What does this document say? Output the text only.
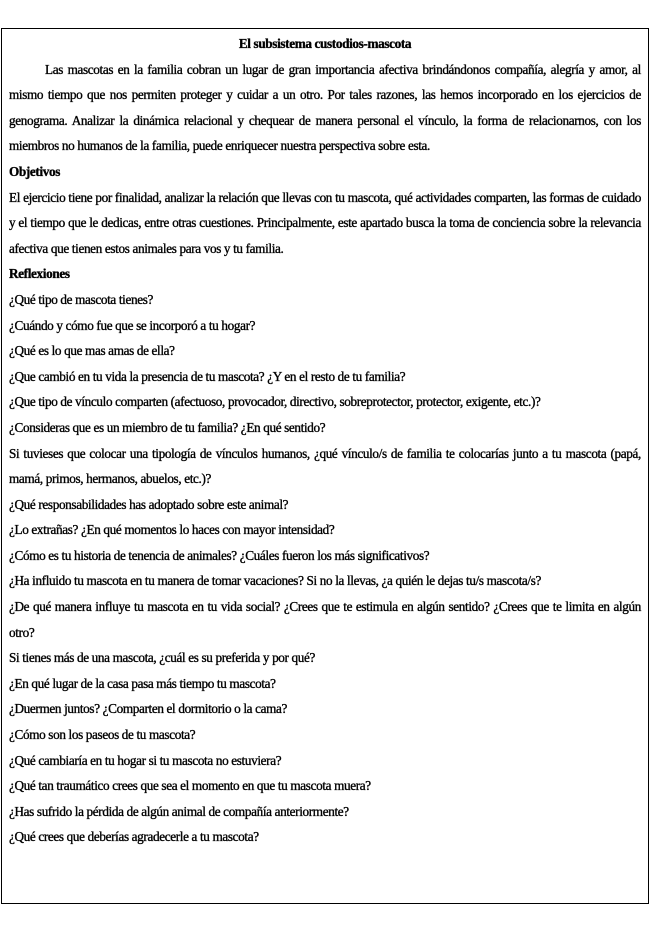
El subsistema custodios-mascota

Las mascotas en la familia cobran un lugar de gran importancia afectiva brindándonos compañía, alegría y amor, al mismo tiempo que nos permiten proteger y cuidar a un otro. Por tales razones, las hemos incorporado en los ejercicios de genograma. Analizar la dinámica relacional y chequear de manera personal el vínculo, la forma de relacionarnos, con los miembros no humanos de la familia, puede enriquecer nuestra perspectiva sobre esta.

Objetivos

El ejercicio tiene por finalidad, analizar la relación que llevas con tu mascota, qué actividades comparten, las formas de cuidado y el tiempo que le dedicas, entre otras cuestiones. Principalmente, este apartado busca la toma de conciencia sobre la relevancia afectiva que tienen estos animales para vos y tu familia.

Reflexiones

¿Qué tipo de mascota tienes?

¿Cuándo y cómo fue que se incorporó a tu hogar?

¿Qué es lo que mas amas de ella?

¿Que cambió en tu vida la presencia de tu mascota? ¿Y en el resto de tu familia?

¿Que tipo de vínculo comparten (afectuoso, provocador, directivo, sobreprotector, protector, exigente, etc.)?

¿Consideras que es un miembro de tu familia? ¿En qué sentido?

Si tuvieses que colocar una tipología de vínculos humanos, ¿qué vínculo/s de familia te colocarías junto a tu mascota (papá, mamá, primos, hermanos, abuelos, etc.)?

¿Qué responsabilidades has adoptado sobre este animal?

¿Lo extrañas? ¿En qué momentos lo haces con mayor intensidad?

¿Cómo es tu historia de tenencia de animales? ¿Cuáles fueron los más significativos?

¿Ha influido tu mascota en tu manera de tomar vacaciones? Si no la llevas, ¿a quién le dejas tu/s mascota/s?

¿De qué manera influye tu mascota en tu vida social? ¿Crees que te estimula en algún sentido? ¿Crees que te limita en algún otro?

Si tienes más de una mascota, ¿cuál es su preferida y por qué?

¿En qué lugar de la casa pasa más tiempo tu mascota?

¿Duermen juntos? ¿Comparten el dormitorio o la cama?

¿Cómo son los paseos de tu mascota?

¿Qué cambiaría en tu hogar si tu mascota no estuviera?

¿Qué tan traumático crees que sea el momento en que tu mascota muera?

¿Has sufrido la pérdida de algún animal de compañía anteriormente?

¿Qué crees que deberías agradecerle a tu mascota?
